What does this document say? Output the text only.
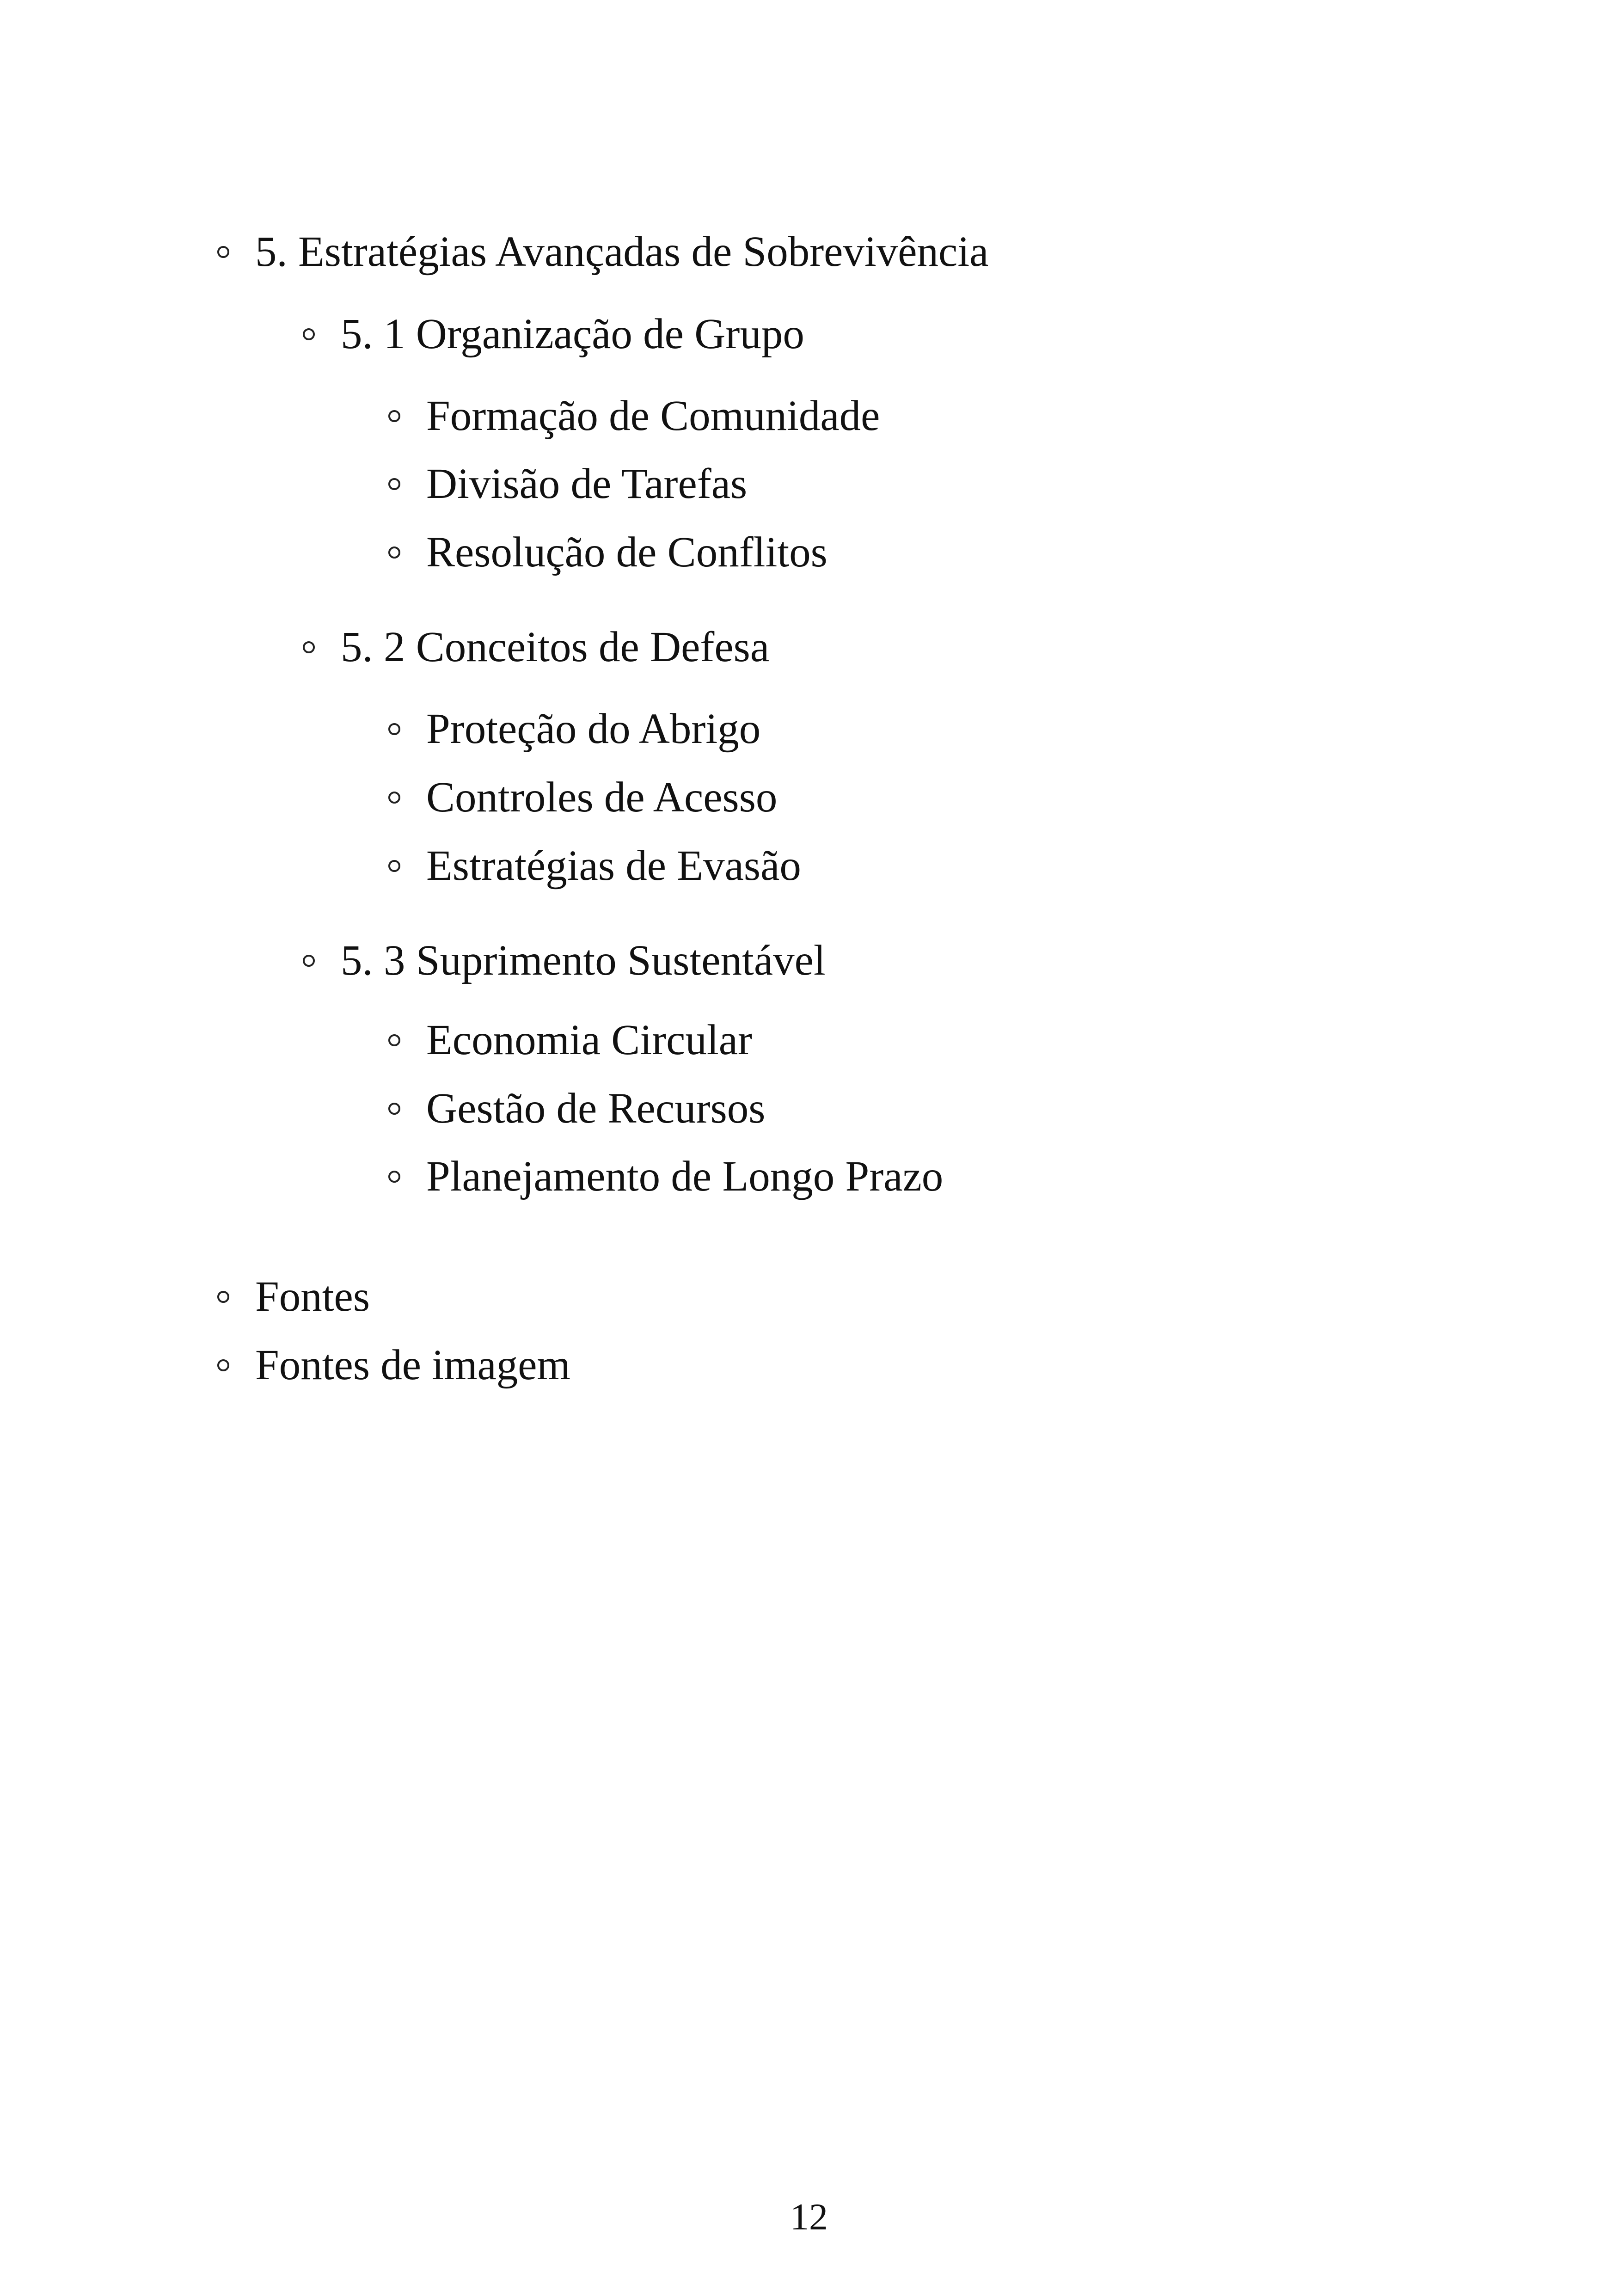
5. Estratégias Avançadas de Sobrevivência
5. 1 Organização de Grupo
Formação de Comunidade
Divisão de Tarefas
Resolução de Conflitos
5. 2 Conceitos de Defesa
Proteção do Abrigo
Controles de Acesso
Estratégias de Evasão
5. 3 Suprimento Sustentável
Economia Circular
Gestão de Recursos
Planejamento de Longo Prazo
Fontes
Fontes de imagem
12
